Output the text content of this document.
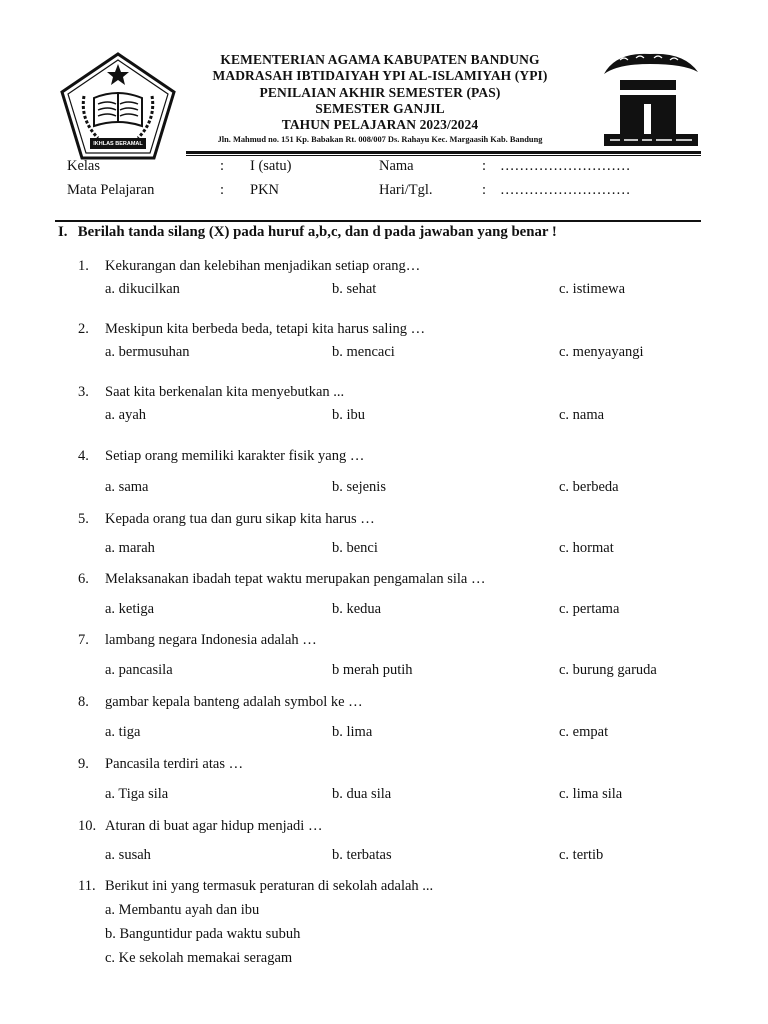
IKHLAS BERAMAL
KEMENTERIAN AGAMA KABUPATEN BANDUNG
MADRASAH IBTIDAIYAH YPI AL-ISLAMIYAH (YPI)
PENILAIAN AKHIR SEMESTER (PAS)
SEMESTER GANJIL
TAHUN PELAJARAN 2023/2024
Jln. Mahmud no. 151 Kp. Babakan Rt. 008/007 Ds. Rahayu Kec. Margaasih Kab. Bandung
Kelas	: I (satu)	Nama	: ………………………
Mata Pelajaran	: PKN	Hari/Tgl.	: ………………………
I. Berilah tanda silang (X) pada huruf a,b,c, dan d pada jawaban yang benar !
1. Kekurangan dan kelebihan menjadikan setiap orang…
a. dikucilkan	b. sehat	c. istimewa
2. Meskipun kita berbeda beda, tetapi kita harus saling …
a. bermusuhan	b. mencaci	c. menyayangi
3. Saat kita berkenalan kita menyebutkan ...
a. ayah	b. ibu	c. nama
4. Setiap orang memiliki karakter fisik yang …
a. sama	b. sejenis	c. berbeda
5. Kepada orang tua dan guru sikap kita harus …
a. marah	b. benci	c. hormat
6. Melaksanakan ibadah tepat waktu merupakan pengamalan sila …
a. ketiga	b. kedua	c. pertama
7. lambang negara Indonesia adalah …
a. pancasila	b merah putih	c. burung garuda
8. gambar kepala banteng adalah symbol ke …
a. tiga	b. lima	c. empat
9. Pancasila terdiri atas …
a. Tiga sila	b. dua sila	c. lima sila
10. Aturan di buat agar hidup menjadi …
a. susah	b. terbatas	c. tertib
11. Berikut ini yang termasuk peraturan di sekolah adalah ...
a. Membantu ayah dan ibu
b. Banguntidur pada waktu subuh
c. Ke sekolah memakai seragam
